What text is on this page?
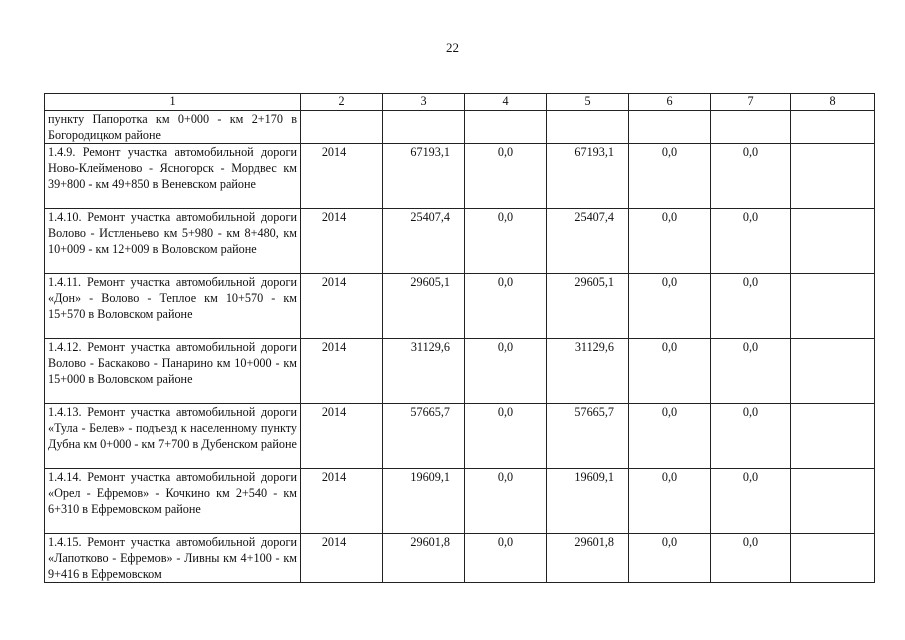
22
1	2	3	4	5	6	7	8
пункту Папоротка км 0+000 - км 2+170 в Богородицком районе							
1.4.9. Ремонт участка автомобильной дороги Ново-Клейменово - Ясногорск - Мордвес км 39+800 - км 49+850 в Веневском районе	2014	67193,1	0,0	67193,1	0,0	0,0	
1.4.10. Ремонт участка автомобильной дороги Волово - Истленьево км 5+980 - км 8+480, км 10+009 - км 12+009 в Воловском районе	2014	25407,4	0,0	25407,4	0,0	0,0	
1.4.11. Ремонт участка автомобильной дороги «Дон» - Волово - Теплое км 10+570 - км 15+570 в Воловском районе	2014	29605,1	0,0	29605,1	0,0	0,0	
1.4.12. Ремонт участка автомобильной дороги Волово - Баскаково - Панарино км 10+000 - км 15+000 в Воловском районе	2014	31129,6	0,0	31129,6	0,0	0,0	
1.4.13. Ремонт участка автомобильной дороги «Тула - Белев» - подъезд к населенному пункту Дубна км 0+000 - км 7+700 в Дубенском районе	2014	57665,7	0,0	57665,7	0,0	0,0	
1.4.14. Ремонт участка автомобильной дороги «Орел - Ефремов» - Кочкино км 2+540 - км 6+310 в Ефремовском районе	2014	19609,1	0,0	19609,1	0,0	0,0	
1.4.15. Ремонт участка автомобильной дороги «Лапотково - Ефремов» - Ливны км 4+100 - км 9+416 в Ефремовском	2014	29601,8	0,0	29601,8	0,0	0,0	
